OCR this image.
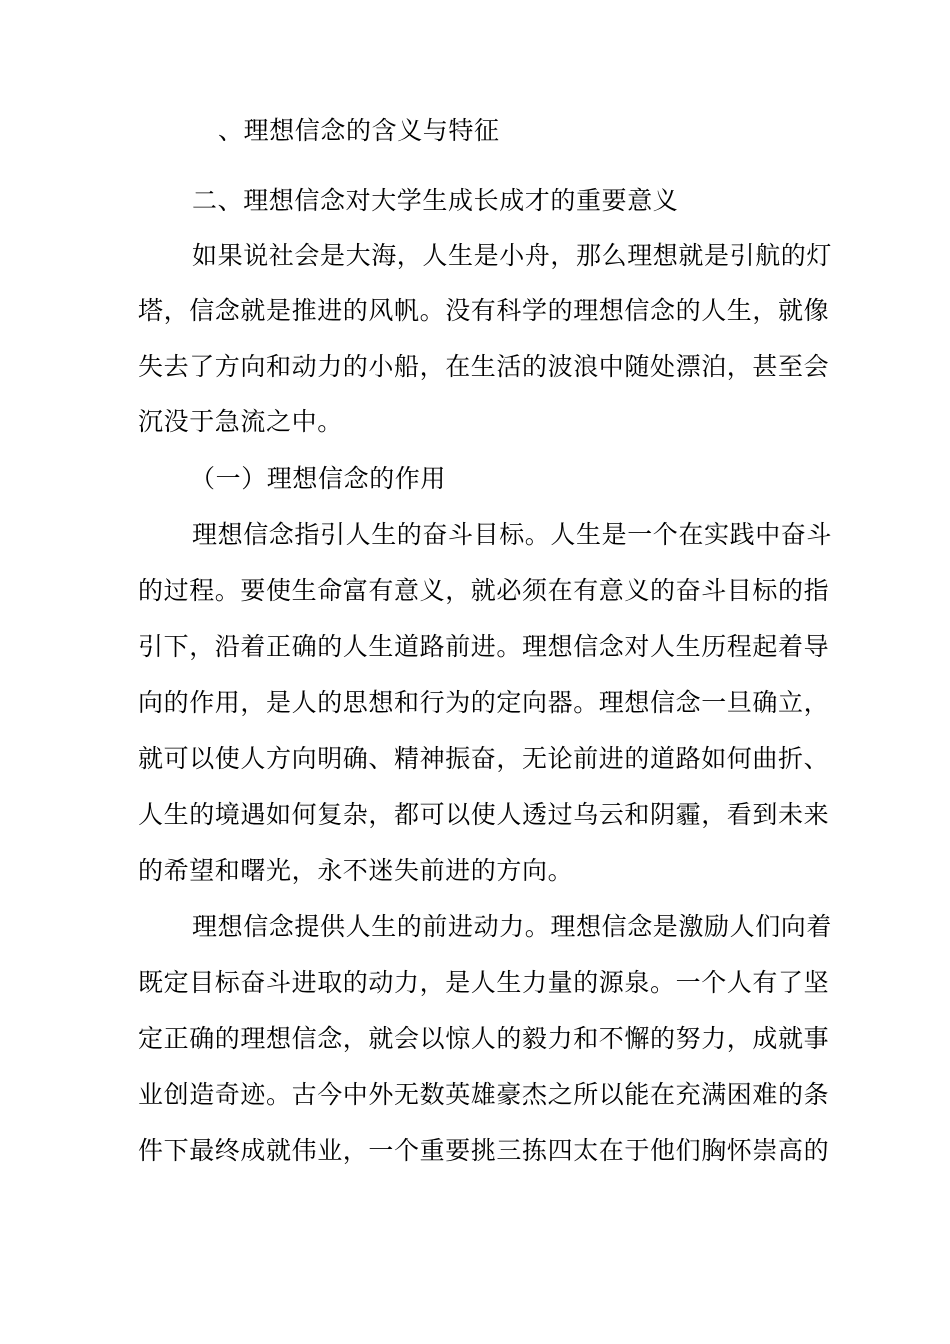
、理想信念的含义与特征
二、理想信念对大学生成长成才的重要意义
如果说社会是大海，人生是小舟，那么理想就是引航的灯
塔，信念就是推进的风帆。没有科学的理想信念的人生，就像
失去了方向和动力的小船，在生活的波浪中随处漂泊，甚至会
沉没于急流之中。
（一）理想信念的作用
理想信念指引人生的奋斗目标。人生是一个在实践中奋斗
的过程。要使生命富有意义，就必须在有意义的奋斗目标的指
引下，沿着正确的人生道路前进。理想信念对人生历程起着导
向的作用，是人的思想和行为的定向器。理想信念一旦确立，
就可以使人方向明确、精神振奋，无论前进的道路如何曲折、
人生的境遇如何复杂，都可以使人透过乌云和阴霾，看到未来
的希望和曙光，永不迷失前进的方向。
理想信念提供人生的前进动力。理想信念是激励人们向着
既定目标奋斗进取的动力，是人生力量的源泉。一个人有了坚
定正确的理想信念，就会以惊人的毅力和不懈的努力，成就事
业创造奇迹。古今中外无数英雄豪杰之所以能在充满困难的条
件下最终成就伟业，一个重要挑三拣四太在于他们胸怀崇高的
